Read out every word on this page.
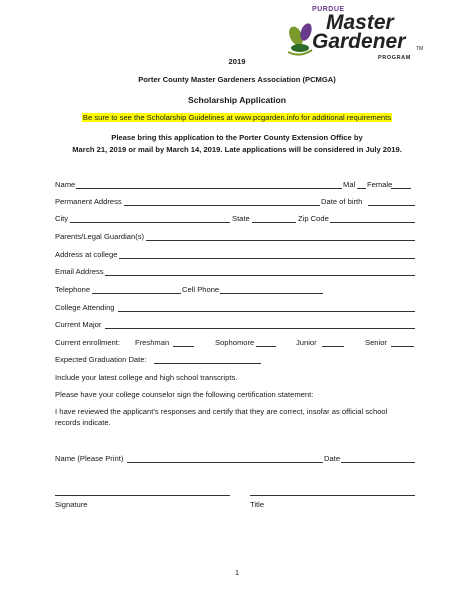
PURDUE
Master
Gardener TM
PROGRAM
2019
Porter County Master Gardeners Association (PCMGA)
Scholarship Application
Be sure to see the Scholarship Guidelines at www.pcgarden.info for additional requirements
Please bring this application to the Porter County Extension Office by
March 21, 2019 or mail by March 14, 2019. Late applications will be considered in July 2019.
Name	Mal Female
Permanent Address	Date of birth
City	State	Zip Code
Parents/Legal Guardian(s)
Address at college
Email Address
Telephone	Cell Phone
College Attending
Current Major
Current enrollment: Freshman	Sophomore	Junior	Senior
Expected Graduation Date:
Include your latest college and high school transcripts.
Please have your college counselor sign the following certification statement:
I have reviewed the applicant’s responses and certify that they are correct, insofar as official school
records indicate.
Name (Please Print)	Date
Signature	Title
1
